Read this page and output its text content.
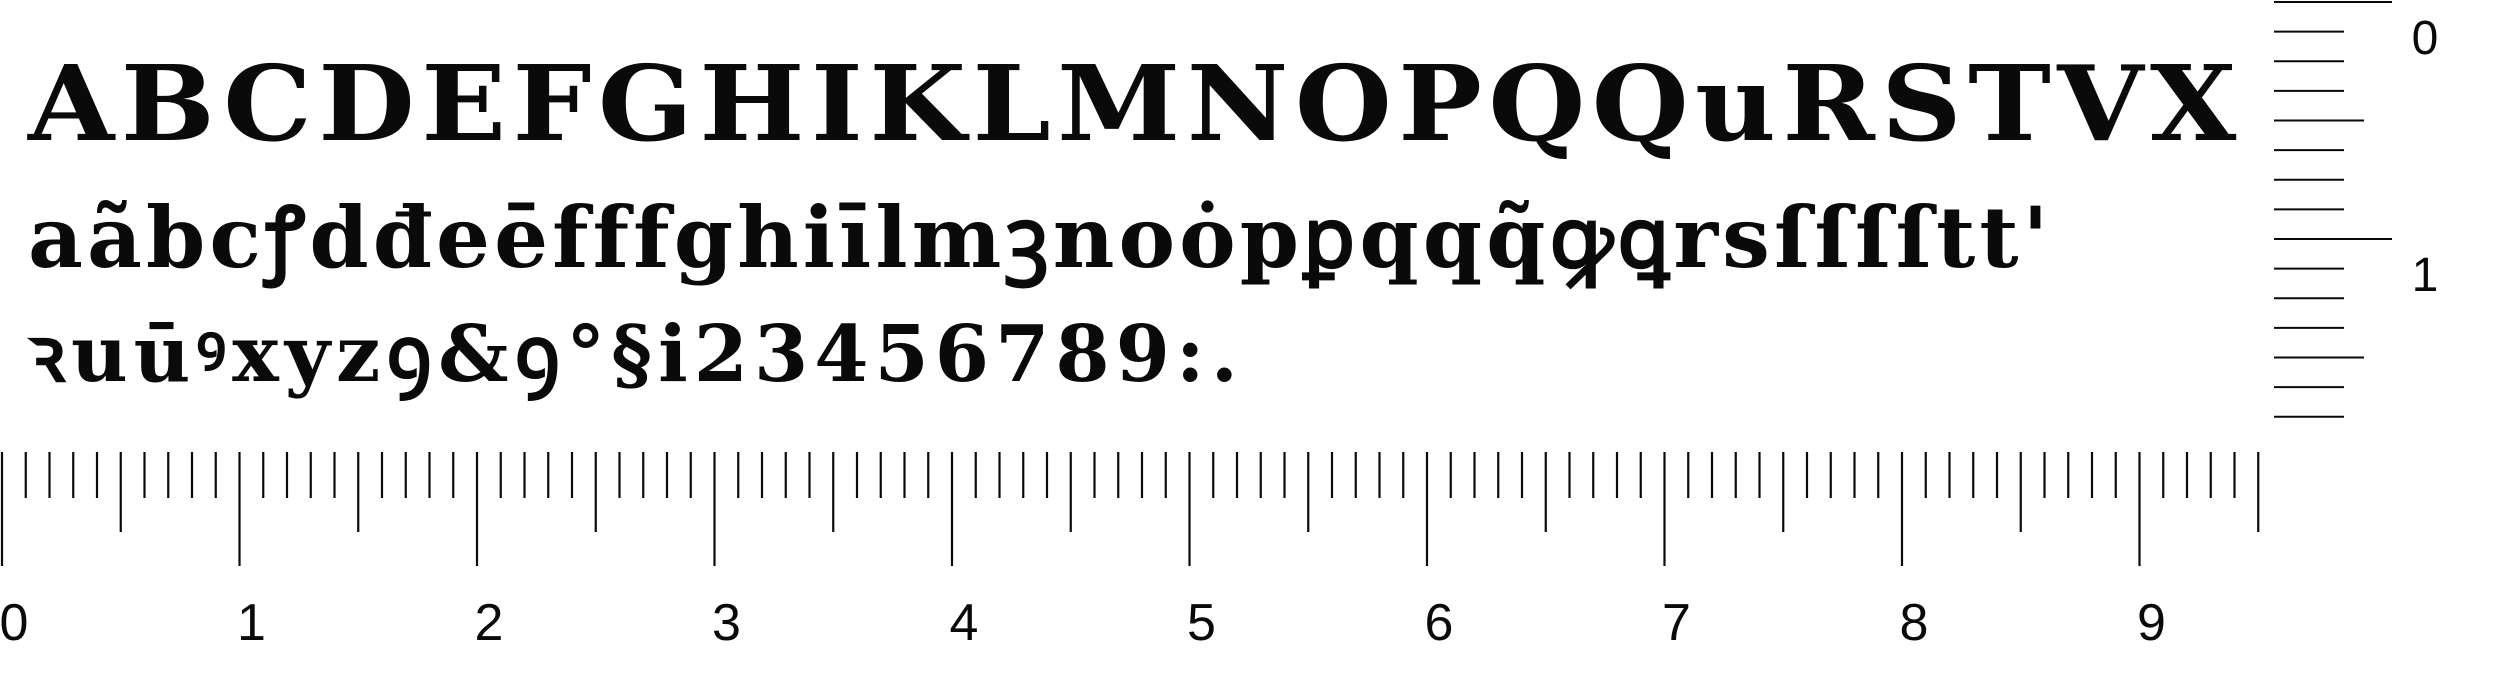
ABCDEFGHIKLMNOPQQuRSTVX

aãbcꝭdđeēfffghiīlmꝫnoȯpꝑqqq̃ꝙꝗrsſſſſtt'

ꝛuūꝰxyzꝯ&ꝯ°§i23456789:.

0	1	2	3	4	5	6	7	8	9
0
1
